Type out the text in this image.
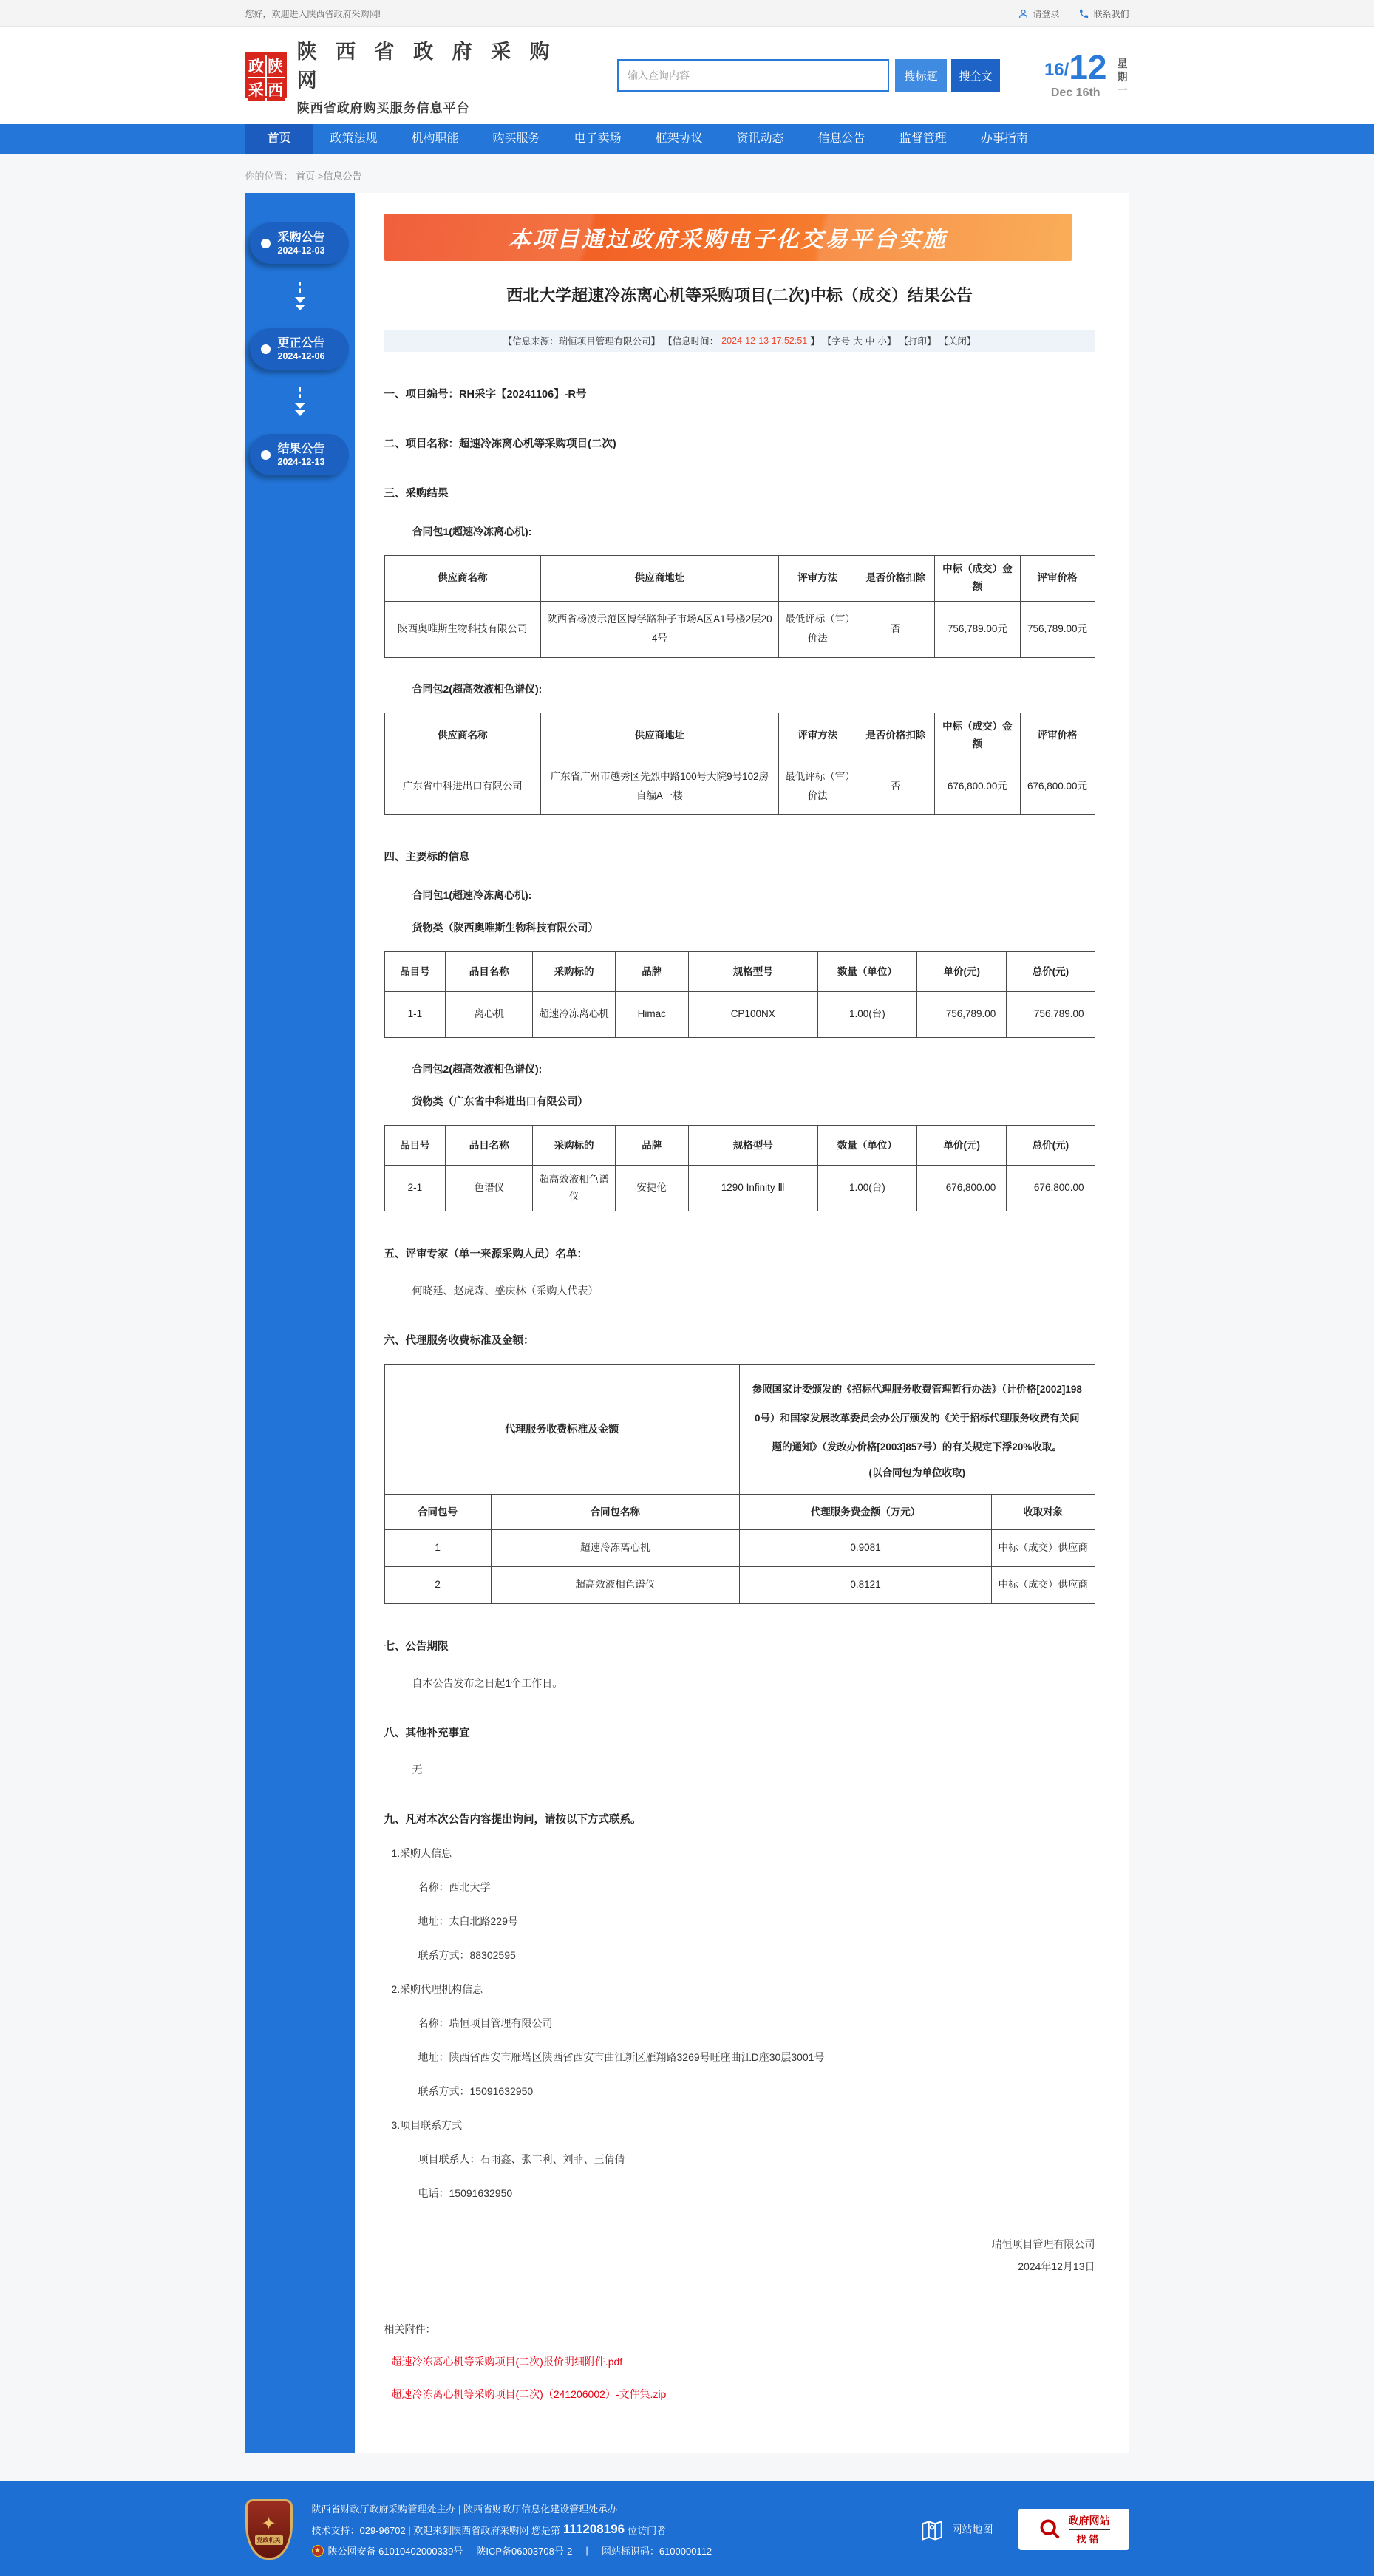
您好，欢迎进入陕西省政府采购网!	请登录	联系我们
政 陕
采 西
陕 西 省 政 府 采 购 网
陕西省政府购买服务信息平台
输入查询内容
搜标题	搜全文	16/ 12
Dec 16th
星期一
首页	政策法规	机构职能	购买服务	电子卖场	框架协议	资讯动态	信息公告	监督管理	办事指南
你的位置： 首页 >信息公告
采购公告
2024-12-03
更正公告
2024-12-06
结果公告
2024-12-13
本项目通过政府采购电子化交易平台实施
西北大学超速冷冻离心机等采购项目(二次)中标（成交）结果公告
【信息来源：瑞恒项目管理有限公司】 【信息时间： 2024-12-13 17:52:51 】 【字号 大 中 小】 【打印】 【关闭】
一、项目编号：RH采字【20241106】-R号
二、项目名称：超速冷冻离心机等采购项目(二次)
三、采购结果
合同包1(超速冷冻离心机):
供应商名称	供应商地址	评审方法	是否价格扣除	中标（成交）金额	评审价格
陕西奥唯斯生物科技有限公司	陕西省杨凌示范区博学路种子市场A区A1号楼2层204号	最低评标（审）价法	否	756,789.00元	756,789.00元
合同包2(超高效液相色谱仪):
供应商名称	供应商地址	评审方法	是否价格扣除	中标（成交）金额	评审价格
广东省中科进出口有限公司	广东省广州市越秀区先烈中路100号大院9号102房自编A一楼	最低评标（审）价法	否	676,800.00元	676,800.00元
四、主要标的信息
合同包1(超速冷冻离心机):
货物类（陕西奥唯斯生物科技有限公司）
品目号	品目名称	采购标的	品牌	规格型号	数量（单位）	单价(元)	总价(元)
1-1	离心机	超速冷冻离心机	Himac	CP100NX	1.00(台)	756,789.00	756,789.00
合同包2(超高效液相色谱仪):
货物类（广东省中科进出口有限公司）
品目号	品目名称	采购标的	品牌	规格型号	数量（单位）	单价(元)	总价(元)
2-1	色谱仪	超高效液相色谱仪	安捷伦	1290 Infinity Ⅲ	1.00(台)	676,800.00	676,800.00
五、评审专家（单一来源采购人员）名单：
何晓延、赵虎森、盛庆林（采购人代表）
六、代理服务收费标准及金额：
代理服务收费标准及金额		参照国家计委颁发的《招标代理服务收费管理暂行办法》（计价格[2002]1980号）和国家发展改革委员会办公厅颁发的《关于招标代理服务收费有关问题的通知》（发改办价格[2003]857号）的有关规定下浮20%收取。
(以合同包为单位收取)	

合同包号	合同包名称	代理服务费金额（万元）	收取对象
1	超速冷冻离心机	0.9081	中标（成交）供应商
2	超高效液相色谱仪	0.8121	中标（成交）供应商
七、公告期限
自本公告发布之日起1个工作日。
八、其他补充事宜
无
九、凡对本次公告内容提出询问，请按以下方式联系。
1.采购人信息
名称：西北大学
地址：太白北路229号
联系方式：88302595
2.采购代理机构信息
名称：瑞恒项目管理有限公司
地址：陕西省西安市雁塔区陕西省西安市曲江新区雁翔路3269号旺座曲江D座30层3001号
联系方式：15091632950
3.项目联系方式
项目联系人：石雨鑫、张丰利、刘菲、王倩倩
电话：15091632950
瑞恒项目管理有限公司
2024年12月13日
相关附件：
超速冷冻离心机等采购项目(二次)报价明细附件.pdf
超速冷冻离心机等采购项目(二次)（241206002）-文件集.zip
✦
党政机关
陕西省财政厅政府采购管理处主办 | 陕西省财政厅信息化建设管理处承办
技术支持：029-96702 | 欢迎来到陕西省政府采购网 您是第 111208196 位访问者
★ 陕公网安备 61010402000339号 陕ICP备06003708号-2 | 网站标识码：6100000112
网站地图
政府网站
找错
